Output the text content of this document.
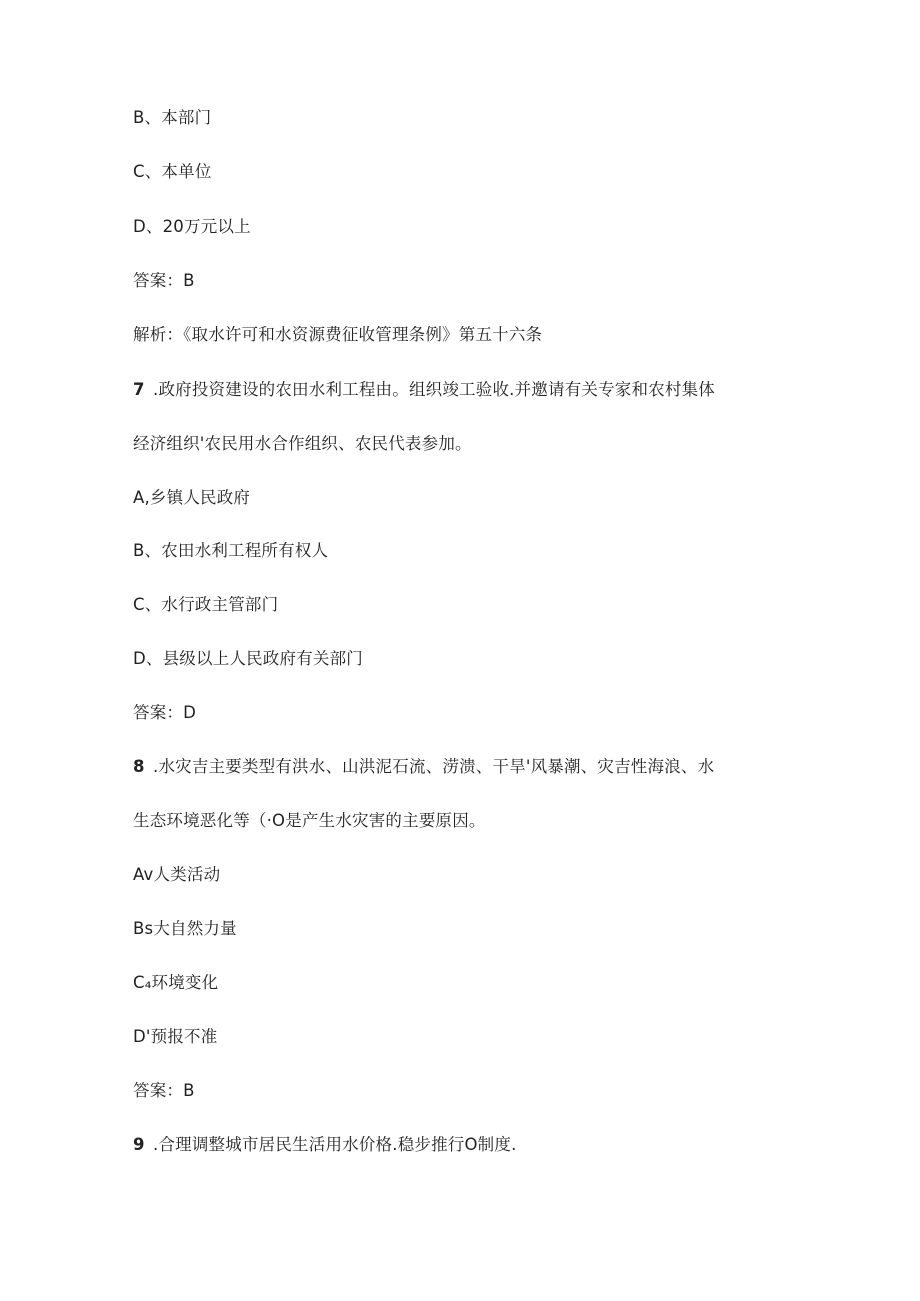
B、本部门
C、本单位
D、20万元以上
答案：B
解析：《取水许可和水资源费征收管理条例》第五十六条
7 .政府投资建设的农田水利工程由。组织竣工验收.并邀请有关专家和农村集体
经济组织'农民用水合作组织、农民代表参加。
A,乡镇人民政府
B、农田水利工程所有权人
C、水行政主管部门
D、县级以上人民政府有关部门
答案：D
8 .水灾吉主要类型有洪水、山洪泥石流、涝溃、干旱'风暴潮、灾吉性海浪、水
生态环境恶化等（·O是产生水灾害的主要原因。
Av人类活动
Bs大自然力量
C₄环境变化
D'预报不准
答案：B
9 .合理调整城市居民生活用水价格.稳步推行O制度.
